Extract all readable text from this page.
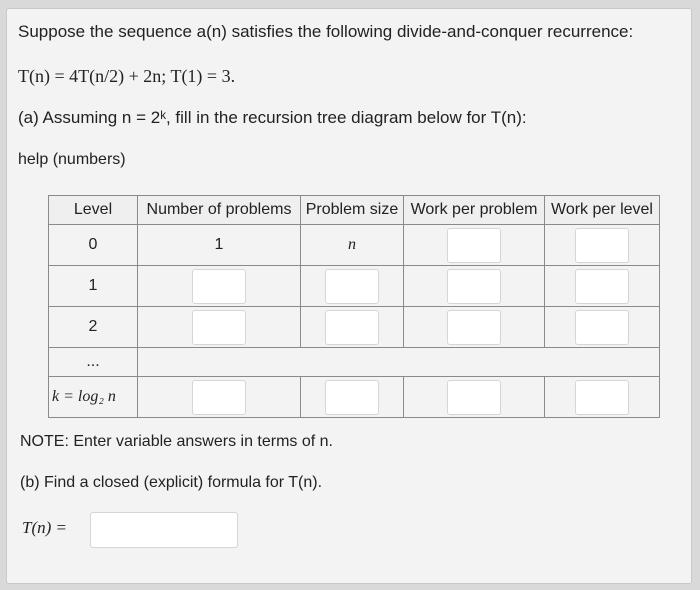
Suppose the sequence a(n) satisfies the following divide-and-conquer recurrence:
T(n) = 4T(n/2) + 2n; T(1) = 3.
(a) Assuming n = 2ᵏ, fill in the recursion tree diagram below for T(n):
help (numbers)
Level	Number of problems	Problem size	Work per problem	Work per level
0	1	n		
1				
2				
...				
k = log₂ n				
NOTE: Enter variable answers in terms of n.
(b) Find a closed (explicit) formula for T(n).
T(n) =
